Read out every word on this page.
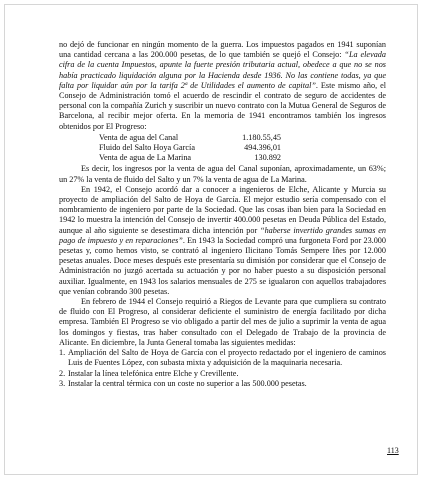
no dejó de funcionar en ningún momento de la guerra. Los impuestos pagados en 1941 suponían una cantidad cercana a las 200.000 pesetas, de lo que también se quejó el Consejo: “La elevada cifra de la cuenta Impuestos, apunte la fuerte presión tributaria actual, obedece a que no se nos había practicado liquidación alguna por la Hacienda desde 1936. No las contiene todas, ya que falta por liquidar aún por la tarifa 2ª de Utilidades el aumento de capital”. Este mismo año, el Consejo de Administración tomó el acuerdo de rescindir el contrato de seguro de accidentes de personal con la compañía Zurich y suscribir un nuevo contrato con la Mutua General de Seguros de Barcelona, al recibir mejor oferta. En la memoria de 1941 encontramos también los ingresos obtenidos por El Progreso:

Venta de agua del Canal	1.180.55,45
Fluido del Salto Hoya García	494.396,01
Venta de agua de La Marina	130.892

Es decir, los ingresos por la venta de agua del Canal suponían, aproximadamente, un 63%; un 27% la venta de fluido del Salto y un 7% la venta de agua de La Marina.

En 1942, el Consejo acordó dar a conocer a ingenieros de Elche, Alicante y Murcia su proyecto de ampliación del Salto de Hoya de García. El mejor estudio sería compensado con el nombramiento de ingeniero por parte de la Sociedad. Que las cosas iban bien para la Sociedad en 1942 lo muestra la intención del Consejo de invertir 400.000 pesetas en Deuda Pública del Estado, aunque al año siguiente se desestimara dicha intención por “haberse invertido grandes sumas en pago de impuesto y en reparaciones”. En 1943 la Sociedad compró una furgoneta Ford por 23.000 pesetas y, como hemos visto, se contrató al ingeniero Ilicitano Tomás Sempere Iñes por 12.000 pesetas anuales. Doce meses después este presentaría su dimisión por considerar que el Consejo de Administración no juzgó acertada su actuación y por no haber puesto a su disposición personal auxiliar. Igualmente, en 1943 los salarios mensuales de 275 se igualaron con aquellos trabajadores que venían cobrando 300 pesetas.

En febrero de 1944 el Consejo requirió a Riegos de Levante para que cumpliera su contrato de fluido con El Progreso, al considerar deficiente el suministro de energía facilitado por dicha empresa. También El Progreso se vio obligado a partir del mes de julio a suprimir la venta de agua los domingos y fiestas, tras haber consultado con el Delegado de Trabajo de la provincia de Alicante. En diciembre, la Junta General tomaba las siguientes medidas:

1. Ampliación del Salto de Hoya de García con el proyecto redactado por el ingeniero de caminos Luis de Fuentes López, con subasta mixta y adquisición de la maquinaria necesaria.
2. Instalar la línea telefónica entre Elche y Crevillente.
3. Instalar la central térmica con un coste no superior a las 500.000 pesetas.
113
